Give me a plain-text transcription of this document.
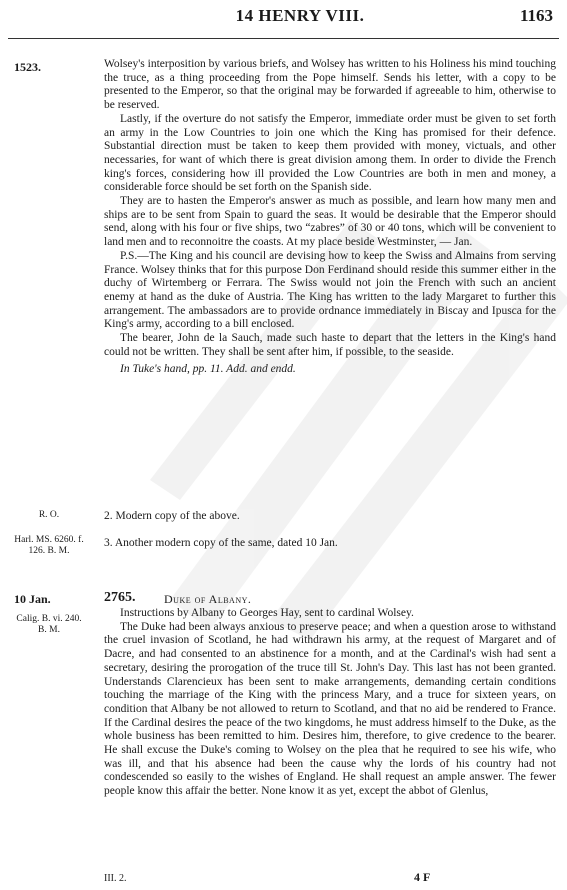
14 HENRY VIII.	1163
1523.	Wolsey's interposition by various briefs, and Wolsey has written to his Holiness his mind touching the truce, as a thing proceeding from the Pope himself. Sends his letter, with a copy to be presented to the Emperor, so that the original may be forwarded if agreeable to him, otherwise to be reserved.

Lastly, if the overture do not satisfy the Emperor, immediate order must be given to set forth an army in the Low Countries to join one which the King has promised for their defence. Substantial direction must be taken to keep them provided with money, victuals, and other necessaries, for want of which there is great division among them. In order to divide the French king's forces, considering how ill provided the Low Countries are both in men and money, a considerable force should be set forth on the Spanish side.

They are to hasten the Emperor's answer as much as possible, and learn how many men and ships are to be sent from Spain to guard the seas. It would be desirable that the Emperor should send, along with his four or five ships, two “zabres” of 30 or 40 tons, which will be convenient to land men and to reconnoitre the coasts. At my place beside Westminster, — Jan.

P.S.—The King and his council are devising how to keep the Swiss and Almains from serving France. Wolsey thinks that for this purpose Don Ferdinand should reside this summer either in the duchy of Wirtemberg or Ferrara. The Swiss would not join the French with such an ancient enemy at hand as the duke of Austria. The King has written to the lady Margaret to further this arrangement. The ambassadors are to provide ordnance immediately in Biscay and Ipusca for the King's army, according to a bill enclosed.

The bearer, John de la Sauch, made such haste to depart that the letters in the King's hand could not be written. They shall be sent after him, if possible, to the seaside.

In Tuke's hand, pp. 11. Add. and endd.

R. O.	2. Modern copy of the above.
Harl. MS. 6260. f. 126. B. M.
3. Another modern copy of the same, dated 10 Jan.
10 Jan.	2765. Duke of Albany.
Calig. B. vi. 240. B. M.

Instructions by Albany to Georges Hay, sent to cardinal Wolsey.

The Duke had been always anxious to preserve peace; and when a question arose to withstand the cruel invasion of Scotland, he had withdrawn his army, at the request of Margaret and of Dacre, and had consented to an abstinence for a month, and at the Cardinal's wish had sent a secretary, desiring the prorogation of the truce till St. John's Day. This last has not been granted. Understands Clarencieux has been sent to make arrangements, demanding certain conditions touching the marriage of the King with the princess Mary, and a truce for sixteen years, on condition that Albany be not allowed to return to Scotland, and that no aid be rendered to France. If the Cardinal desires the peace of the two kingdoms, he must address himself to the Duke, as the whole business has been remitted to him. Desires him, therefore, to give credence to the bearer. He shall excuse the Duke's coming to Wolsey on the plea that he required to see his wife, who was ill, and that his absence had been the cause why the lords of his country had not condescended so easily to the wishes of England. He shall request an ample answer. The fewer people know this affair the better. None know it as yet, except the abbot of Glenlus,

III. 2.	4 F
